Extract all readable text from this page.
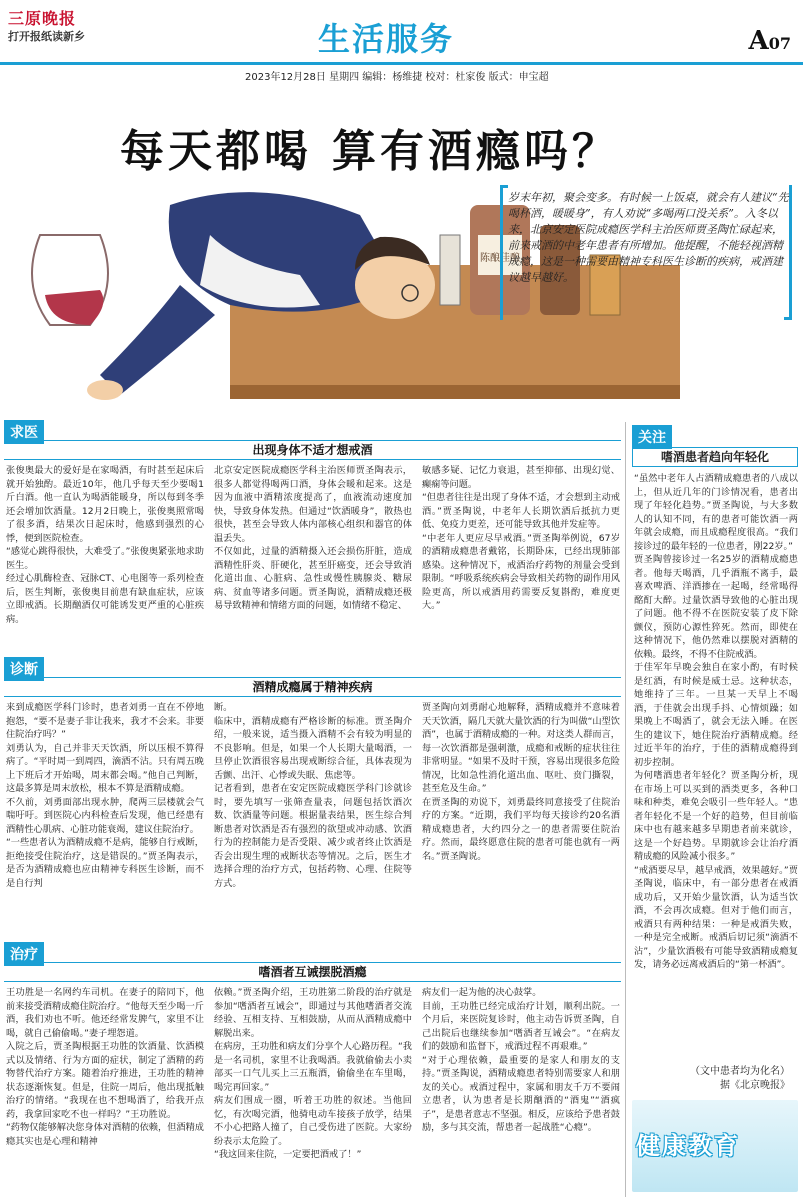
三原晚报
打开报纸读新乡	生活服务	A07
2023年12月28日 星期四 编辑：杨维捷 校对：杜家俊 版式：申宝超
每天都喝 算有酒瘾吗？
陈酿佳酿
岁末年初，聚会变多。有时候一上饭桌，就会有人建议“先喝杯酒，暖暖身”，有人劝说“多喝两口没关系”。入冬以来，北京安定医院成瘾医学科主治医师贾圣陶忙碌起来，前来戒酒的中老年患者有所增加。他提醒，不能轻视酒精成瘾，这是一种需要由精神专科医生诊断的疾病，戒酒建议越早越好。
求医
出现身体不适才想戒酒
张俊奥最大的爱好是在家喝酒，有时甚至起床后就开始独酌。最近10年，他几乎每天至少要喝1斤白酒。他一直认为喝酒能暖身，所以每到冬季还会增加饮酒量。12月2日晚上，张俊奥照常喝了很多酒，结果次日起床时，他感到强烈的心悸，便到医院检查。
“感觉心跳得很快，大难受了。”张俊奥紧张地求助医生。
经过心肌酶检查、冠脉CT、心电图等一系列检查后，医生判断，张俊奥目前患有缺血症状，应该立即戒酒。长期酗酒仅可能诱发更严重的心脏疾病。
北京安定医院成瘾医学科主治医师贾圣陶表示，很多人都觉得喝两口酒，身体会暖和起来。这是因为血液中酒精浓度提高了，血液流动速度加快，导致身体发热。但通过“饮酒暖身”，散热也很快，甚至会导致人体内部核心组织和器官的体温丢失。
不仅如此，过量的酒精摄入还会损伤肝脏，造成酒精性肝炎、肝硬化，甚至肝癌变，还会导致消化道出血、心脏病、急性或慢性胰腺炎、糖尿病、贫血等诸多问题。贾圣陶说，酒精成瘾还极易导致精神和情绪方面的问题，如情绪不稳定、
敏感多疑、记忆力衰退，甚至抑郁、出现幻觉、癫痫等问题。
“但患者往往是出现了身体不适，才会想到主动戒酒。”贾圣陶说，中老年人长期饮酒后抵抗力更低、免疫力更差，还可能导致其他并发症等。
“中老年人更应尽早戒酒。”贾圣陶举例说，67岁的酒精成瘾患者戴铭，长期卧床，已经出现肺部感染。这种情况下，戒酒治疗药物的剂量会受到限制。“呼吸系统疾病会导致相关药物的副作用风险更高，所以戒酒用药需要反复斟酌，难度更大。”
诊断
酒精成瘾属于精神疾病
来到成瘾医学科门诊时，患者刘勇一直在不停地抱怨，“要不是妻子非让我来，我才不会来。非要住院治疗吗？”
刘勇认为，自己并非天天饮酒，所以压根不算得病了。“平时周一到周四，滴酒不沾。只有周五晚上下班后才开始喝，周末都会喝。”他自己判断，这最多算是周末放松，根本不算是酒精成瘾。
不久前，刘勇面部出现水肿，爬两三层楼就会气喘吁吁。到医院心内科检查后发现，他已经患有酒精性心肌病、心脏功能衰竭，建议住院治疗。
“一些患者认为酒精成瘾不是病，能够自行戒断，拒绝接受住院治疗，这是错误的。”贾圣陶表示，是否为酒精成瘾也应由精神专科医生诊断，而不是自行判
断。
临床中，酒精成瘾有严格诊断的标准。贾圣陶介绍，一般来说，适当摄入酒精不会有较为明显的不良影响。但是，如果一个人长期大量喝酒，一旦停止饮酒很容易出现戒断综合征，具体表现为舌颤、出汗、心悸或失眠、焦虑等。
记者看到，患者在安定医院成瘾医学科门诊就诊时，要先填写一张筛查量表，问题包括饮酒次数、饮酒量等问题。根据量表结果，医生综合判断患者对饮酒是否有强烈的欲望或冲动感、饮酒行为的控制能力是否受限、减少或者终止饮酒是否会出现生理的戒断状态等情况。之后，医生才选择合理的治疗方式，包括药物、心理、住院等方式。
贾圣陶向刘勇耐心地解释，酒精成瘾并不意味着天天饮酒，隔几天就大量饮酒的行为叫做“山型饮酒”，也属于酒精成瘾的一种。对这类人群而言，每一次饮酒都是强刺激，成瘾和戒断的症状往往非常明显。“如果不及时干预，容易出现很多危险情况，比如急性消化道出血、呕吐、贲门撕裂，甚至危及生命。”
在贾圣陶的劝说下，刘勇最终同意接受了住院治疗的方案。“近期，我们平均每天接诊约20名酒精成瘾患者，大约四分之一的患者需要住院治疗。然而，最终愿意住院的患者可能也就有一两名。”贾圣陶说。
治疗
嗜酒者互诫摆脱酒瘾
王功胜是一名网约车司机。在妻子的陪同下，他前来接受酒精成瘾住院治疗。“他每天至少喝一斤酒，我们劝也不听。他还经常发脾气，家里不让喝，就自己偷偷喝。”妻子埋怨道。
入院之后，贾圣陶根据王功胜的饮酒量、饮酒模式以及情绪、行为方面的症状，制定了酒精的药物替代治疗方案。随着治疗推进，王功胜的精神状态逐渐恢复。但是，住院一周后，他出现抵触治疗的情绪。“我现在也不想喝酒了，给我开点药，我拿回家吃不也一样吗？”王功胜说。
“药物仅能够解决您身体对酒精的依赖，但酒精成瘾其实也是心理和精神
依赖。”贾圣陶介绍，王功胜第二阶段的治疗就是参加“嗜酒者互诫会”，即通过与其他嗜酒者交流经验、互相支持、互相鼓励，从而从酒精成瘾中解脱出来。
在病房，王功胜和病友们分享个人心路历程。“我是一名司机，家里不让我喝酒。我就偷偷去小卖部买一口气儿买上三五瓶酒，偷偷坐在车里喝，喝完再回家。”
病友们围成一圈，听着王功胜的叙述。当他回忆，有次喝完酒，他骑电动车接孩子放学，结果不小心把路人撞了，自己受伤进了医院。大家纷纷表示太危险了。
“我这回来住院，一定要把酒戒了！”
病友们一起为他的决心鼓掌。
目前，王功胜已经完成治疗计划，顺利出院。一个月后，来医院复诊时，他主动告诉贾圣陶，自己出院后也继续参加“嗜酒者互诫会”。“在病友们的鼓励和监督下，戒酒过程不再艰难。”
“对于心理依赖，最重要的是家人和朋友的支持。”贾圣陶说，酒精成瘾患者特别需要家人和朋友的关心。戒酒过程中，家属和朋友千万不要闹立患者，认为患者是长期酗酒的“酒鬼”“酒疯子”，是患者意志不坚强。相反，应该给予患者鼓励，多与其交流，帮患者一起战胜“心瘾”。
关注
嗜酒患者趋向年轻化
“虽然中老年人占酒精成瘾患者的八成以上，但从近几年的门诊情况看，患者出现了年轻化趋势。”贾圣陶说，与大多数人的认知不同，有的患者可能饮酒一两年就会成瘾，而且成瘾程度很高。“我们接诊过的最年轻的一位患者，刚22岁。”
贾圣陶曾接诊过一名25岁的酒精成瘾患者。他每天喝酒，几乎酒瓶不离手，最喜欢啤酒、洋酒掺在一起喝，经常喝得酩酊大醉。过量饮酒导致他的心脏出现了问题。他不得不在医院安装了皮下除颤仪，预防心源性猝死。然而，即使在这种情况下，他仍然难以摆脱对酒精的依赖。最终，不得不住院戒酒。
于佳军年早晚会独自在家小酌，有时候是红酒，有时候是威士忌。这种状态，她维持了三年。一旦某一天早上不喝酒，于佳就会出现手抖、心情烦躁；如果晚上不喝酒了，就会无法入睡。在医生的建议下，她住院治疗酒精成瘾。经过近半年的治疗，于佳的酒精成瘾得到初步控制。
为何嗜酒患者年轻化？贾圣陶分析，现在市场上可以买到的酒类更多，各种口味和种类，难免会吸引一些年轻人。“患者年轻化不是一个好的趋势，但目前临床中也有越来越多早期患者前来就诊，这是一个好趋势。早期就诊会让治疗酒精成瘾的风险减小很多。”
“戒酒要尽早，越早戒酒，效果越好。”贾圣陶说，临床中，有一部分患者在戒酒成功后，又开始少量饮酒，认为适当饮酒，不会再次成瘾。但对于他们而言，戒酒只有两种结果：一种是戒酒失败，一种是完全戒断。戒酒后切记须“滴酒不沾”，少量饮酒极有可能导致酒精成瘾复发，请务必远离戒酒后的“第一杯酒”。
（文中患者均为化名）
据《北京晚报》
健康教育
